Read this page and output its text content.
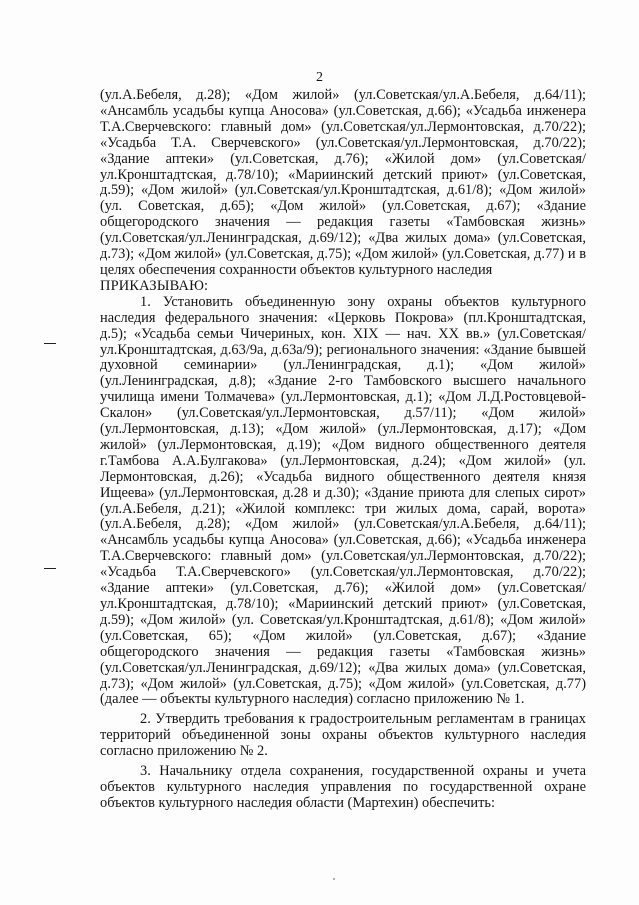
2

(ул.А.Бебеля, д.28); «Дом жилой» (ул.Советская/ул.А.Бебеля, д.64/11); «Ансамбль усадьбы купца Аносова» (ул.Советская, д.66); «Усадьба инженера Т.А.Сверчевского: главный дом» (ул.Советская/ул.Лермонтовская, д.70/22); «Усадьба Т.А. Сверчевского» (ул.Советская/ул.Лермонтовская, д.70/22); «Здание аптеки» (ул.Советская, д.76); «Жилой дом» (ул.Советская/ ул.Кронштадтская, д.78/10); «Мариинский детский приют» (ул.Советская, д.59); «Дом жилой» (ул.Советская/ул.Кронштадтская, д.61/8); «Дом жилой» (ул. Советская, д.65); «Дом жилой» (ул.Советская, д.67); «Здание общегородского значения — редакция газеты «Тамбовская жизнь» (ул.Советская/ул.Ленинградская, д.69/12); «Два жилых дома» (ул.Советская, д.73); «Дом жилой» (ул.Советская, д.75); «Дом жилой» (ул.Советская, д.77) и в целях обеспечения сохранности объектов культурного наследия

ПРИКАЗЫВАЮ:

1. Установить объединенную зону охраны объектов культурного наследия федерального значения: «Церковь Покрова» (пл.Кронштадтская, д.5); «Усадьба семьи Чичериных, кон. XIX — нач. XX вв.» (ул.Советская/ ул.Кронштадтская, д.63/9а, д.63а/9); регионального значения: «Здание бывшей духовной семинарии» (ул.Ленинградская, д.1); «Дом жилой» (ул.Ленинградская, д.8); «Здание 2-го Тамбовского высшего начального училища имени Толмачева» (ул.Лермонтовская, д.1); «Дом Л.Д.Ростовцевой-Скалон» (ул.Советская/ул.Лермонтовская, д.57/11); «Дом жилой» (ул.Лермонтовская, д.13); «Дом жилой» (ул.Лермонтовская, д.17); «Дом жилой» (ул.Лермонтовская, д.19); «Дом видного общественного деятеля г.Тамбова А.А.Булгакова» (ул.Лермонтовская, д.24); «Дом жилой» (ул. Лермонтовская, д.26); «Усадьба видного общественного деятеля князя Ищеева» (ул.Лермонтовская, д.28 и д.30); «Здание приюта для слепых сирот» (ул.А.Бебеля, д.21); «Жилой комплекс: три жилых дома, сарай, ворота» (ул.А.Бебеля, д.28); «Дом жилой» (ул.Советская/ул.А.Бебеля, д.64/11); «Ансамбль усадьбы купца Аносова» (ул.Советская, д.66); «Усадьба инженера Т.А.Сверчевского: главный дом» (ул.Советская/ул.Лермонтовская, д.70/22); «Усадьба Т.А.Сверчевского» (ул.Советская/ул.Лермонтовская, д.70/22); «Здание аптеки» (ул.Советская, д.76); «Жилой дом» (ул.Советская/ул.Кронштадтская, д.78/10); «Мариинский детский приют» (ул.Советская, д.59); «Дом жилой» (ул. Советская/ул.Кронштадтская, д.61/8); «Дом жилой» (ул.Советская, 65); «Дом жилой» (ул.Советская, д.67); «Здание общегородского значения — редакция газеты «Тамбовская жизнь» (ул.Советская/ул.Ленинградская, д.69/12); «Два жилых дома» (ул.Советская, д.73); «Дом жилой» (ул.Советская, д.75); «Дом жилой» (ул.Советская, д.77) (далее — объекты культурного наследия) согласно приложению № 1.

2. Утвердить требования к градостроительным регламентам в границах территорий объединенной зоны охраны объектов культурного наследия согласно приложению № 2.

3. Начальнику отдела сохранения, государственной охраны и учета объектов культурного наследия управления по государственной охране объектов культурного наследия области (Мартехин) обеспечить:
